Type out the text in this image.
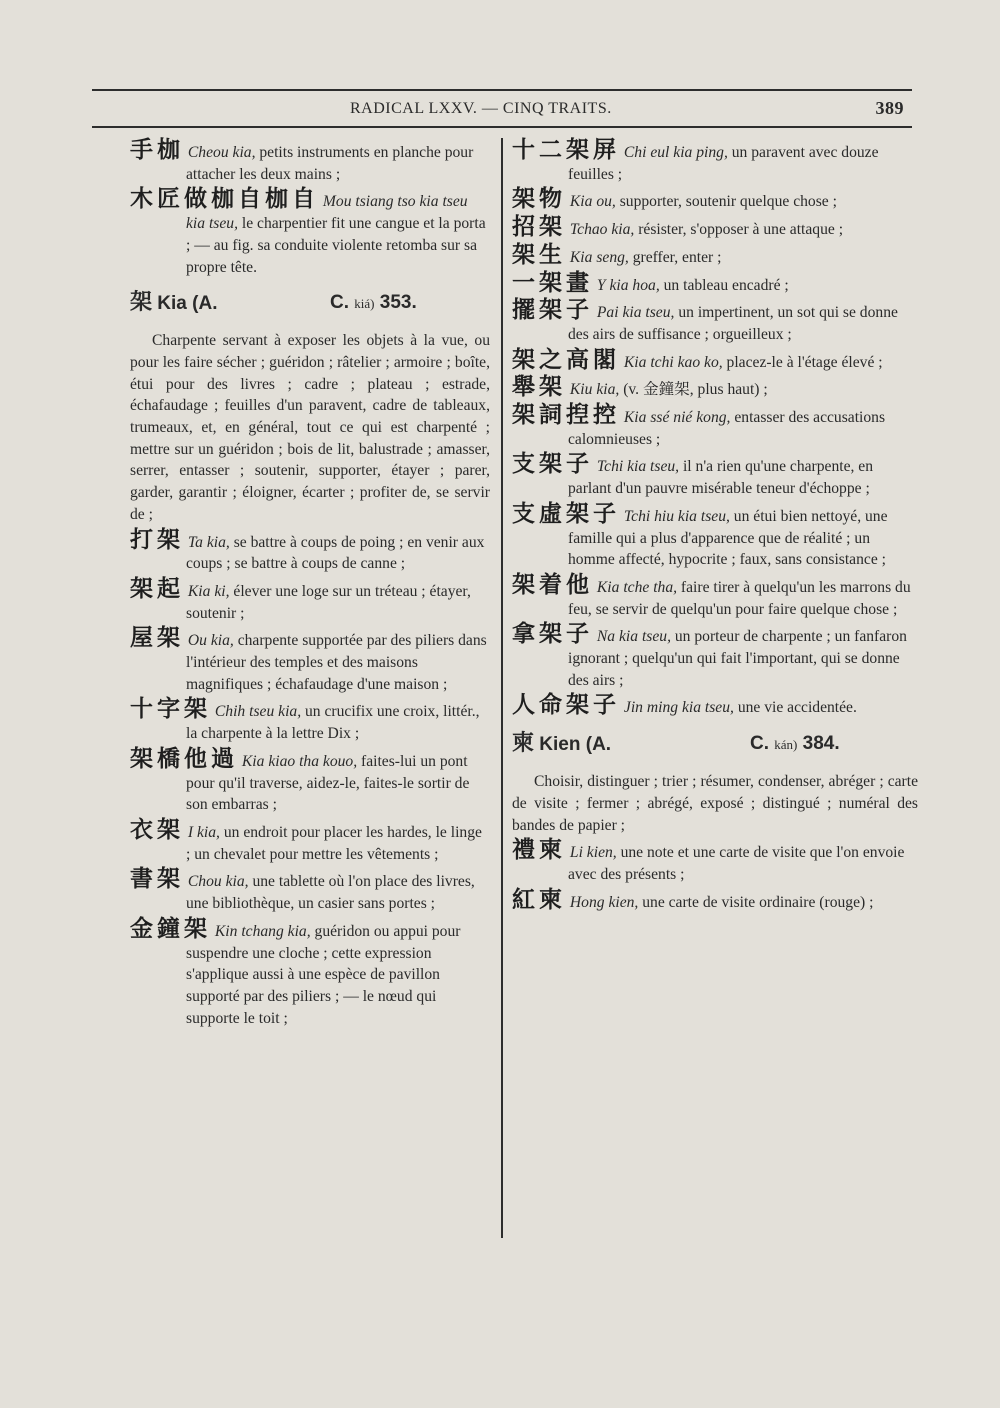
RADICAL LXXV. — CINQ TRAITS.	389
手枷 Cheou kia, petits instruments en planche pour attacher les deux mains ;
木匠做枷自枷自 Mou tsiang tso kia tseu kia tseu, le charpentier fit une cangue et la porta ; — au fig. sa conduite violente retomba sur sa propre tête.
架 Kia (A.	C. kiá) 353.
Charpente servant à exposer les objets à la vue, ou pour les faire sécher ; guéridon ; râtelier ; armoire ; boîte, étui pour des livres ; cadre ; plateau ; estrade, échafaudage ; feuilles d'un paravent, cadre de tableaux, trumeaux, et, en général, tout ce qui est charpenté ; mettre sur un guéridon ; bois de lit, balustrade ; amasser, serrer, entasser ; soutenir, supporter, étayer ; parer, garder, garantir ; éloigner, écarter ; profiter de, se servir de ;
打架 Ta kia, se battre à coups de poing ; en venir aux coups ; se battre à coups de canne ;
架起 Kia ki, élever une loge sur un tréteau ; étayer, soutenir ;
屋架 Ou kia, charpente supportée par des piliers dans l'intérieur des temples et des maisons magnifiques ; échafaudage d'une maison ;
十字架 Chih tseu kia, un crucifix une croix, littér., la charpente à la lettre Dix ;
架橋他過 Kia kiao tha kouo, faites-lui un pont pour qu'il traverse, aidez-le, faites-le sortir de son embarras ;
衣架 I kia, un endroit pour placer les hardes, le linge ; un chevalet pour mettre les vêtements ;
書架 Chou kia, une tablette où l'on place des livres, une bibliothèque, un casier sans portes ;
金鐘架 Kin tchang kia, guéridon ou appui pour suspendre une cloche ; cette expression s'applique aussi à une espèce de pavillon supporté par des piliers ; — le nœud qui supporte le toit ;
十二架屏 Chi eul kia ping, un paravent avec douze feuilles ;
架物 Kia ou, supporter, soutenir quelque chose ;
招架 Tchao kia, résister, s'opposer à une attaque ;
架生 Kia seng, greffer, enter ;
一架畫 Y kia hoa, un tableau encadré ;
擺架子 Pai kia tseu, un impertinent, un sot qui se donne des airs de suffisance ; orgueilleux ;
架之高閣 Kia tchi kao ko, placez-le à l'étage élevé ;
舉架 Kiu kia, (v. 金鐘架, plus haut) ;
架詞揑控 Kia ssé nié kong, entasser des accusations calomnieuses ;
支架子 Tchi kia tseu, il n'a rien qu'une charpente, en parlant d'un pauvre misérable teneur d'échoppe ;
支虛架子 Tchi hiu kia tseu, un étui bien nettoyé, une famille qui a plus d'apparence que de réalité ; un homme affecté, hypocrite ; faux, sans consistance ;
架着他 Kia tche tha, faire tirer à quelqu'un les marrons du feu, se servir de quelqu'un pour faire quelque chose ;
拿架子 Na kia tseu, un porteur de charpente ; un fanfaron ignorant ; quelqu'un qui fait l'important, qui se donne des airs ;
人命架子 Jin ming kia tseu, une vie accidentée.
柬 Kien (A.	C. kán) 384.
Choisir, distinguer ; trier ; résumer, condenser, abréger ; carte de visite ; fermer ; abrégé, exposé ; distingué ; numéral des bandes de papier ;
禮柬 Li kien, une note et une carte de visite que l'on envoie avec des présents ;
紅柬 Hong kien, une carte de visite ordinaire (rouge) ;
